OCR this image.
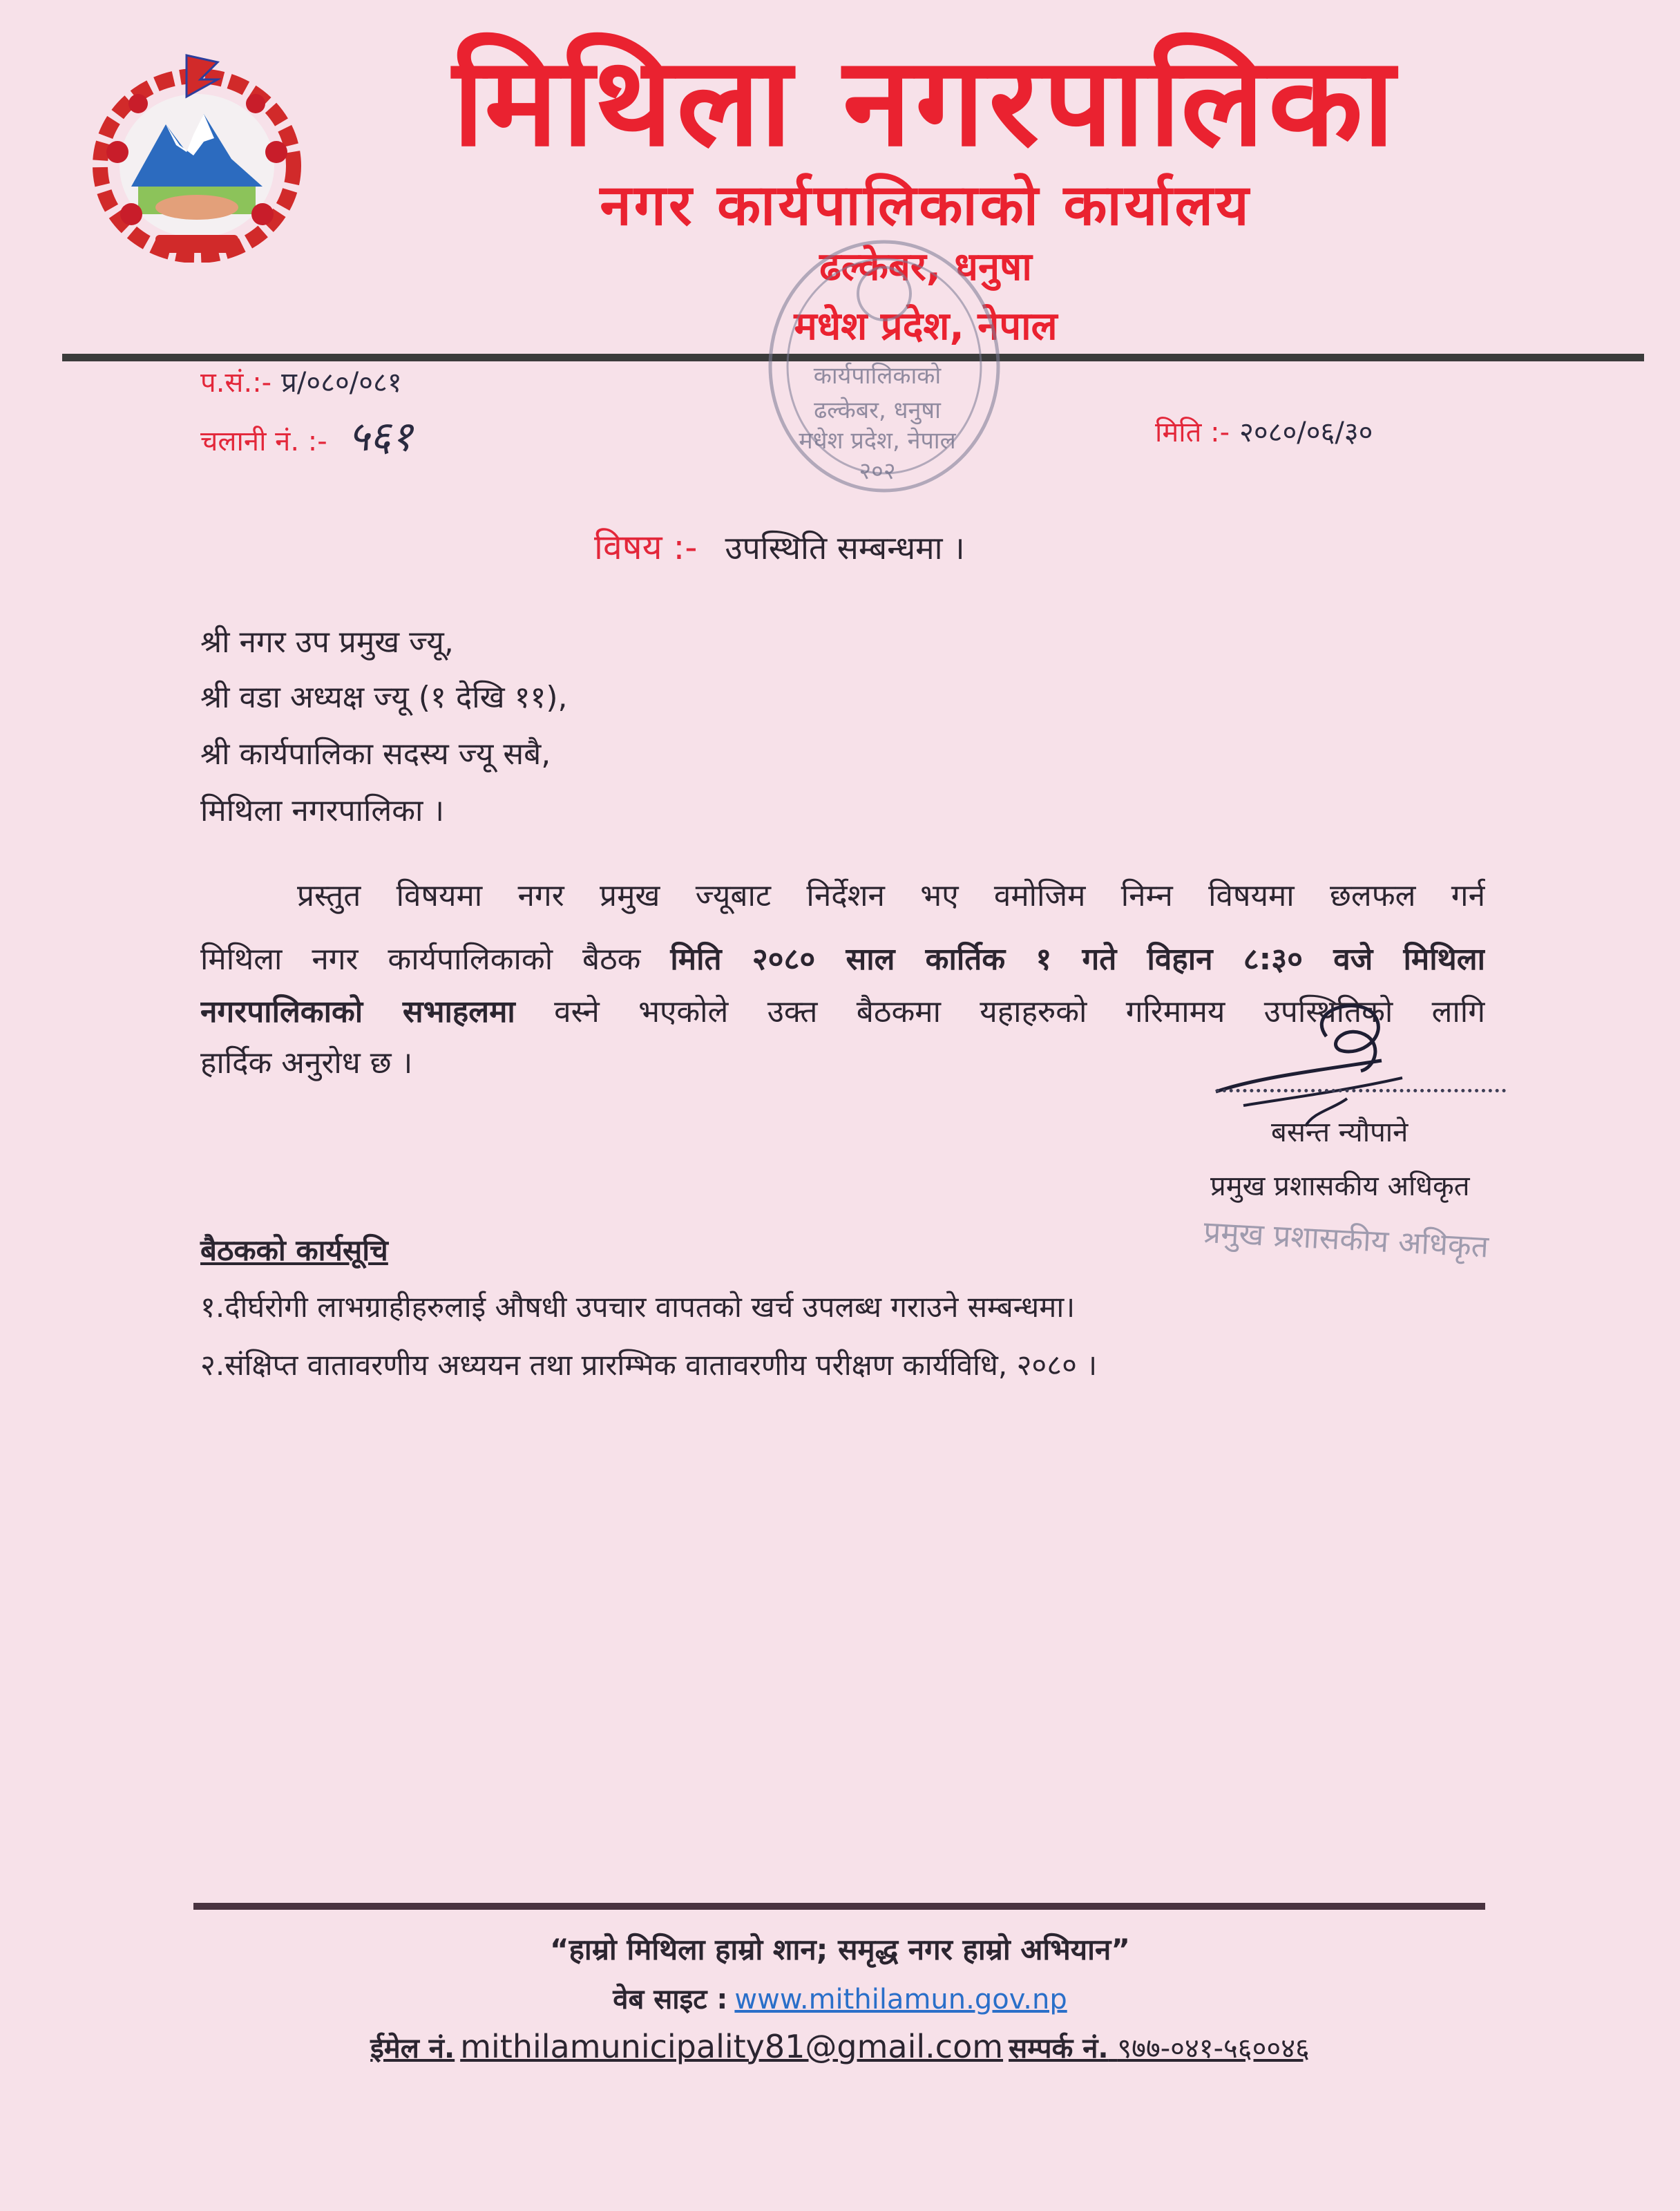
मिथिला नगरपालिका
नगर कार्यपालिकाको कार्यालय
ढल्केबर, धनुषा
मधेश प्रदेश, नेपाल
कार्यपालिकाको
ढल्केबर, धनुषा
मधेश प्रदेश, नेपाल
२०२
प.सं.:- प्र/०८०/०८१
चलानी नं. :- ५६१	मिति :- २०८०/०६/३०
विषय :- उपस्थिति सम्बन्धमा ।
श्री नगर उप प्रमुख ज्यू,
श्री वडा अध्यक्ष ज्यू (१ देखि ११),
श्री कार्यपालिका सदस्य ज्यू सबै,
मिथिला नगरपालिका ।
प्रस्तुत विषयमा नगर प्रमुख ज्यूबाट निर्देशन भए वमोजिम निम्न विषयमा छलफल गर्न
मिथिला नगर कार्यपालिकाको बैठक मिति २०८० साल कार्तिक १ गते विहान ८:३० वजे मिथिला
नगरपालिकाको सभाहलमा वस्ने भएकोले उक्त बैठकमा यहाहरुको गरिमामय उपस्थितिको लागि
हार्दिक अनुरोध छ ।
बसन्त न्यौपाने
प्रमुख प्रशासकीय अधिकृत
प्रमुख प्रशासकीय अधिकृत
बैठकको कार्यसूचि
१.दीर्घरोगी लाभग्राहीहरुलाई औषधी उपचार वापतको खर्च उपलब्ध गराउने सम्बन्धमा।
२.संक्षिप्त वातावरणीय अध्ययन तथा प्रारम्भिक वातावरणीय परीक्षण कार्यविधि, २०८० ।
“हाम्रो मिथिला हाम्रो शान; समृद्ध नगर हाम्रो अभियान”
वेब साइट : www.mithilamun.gov.np
ईमेल नं. mithilamunicipality81@gmail.com सम्पर्क नं. ९७७-०४१-५६००४६
